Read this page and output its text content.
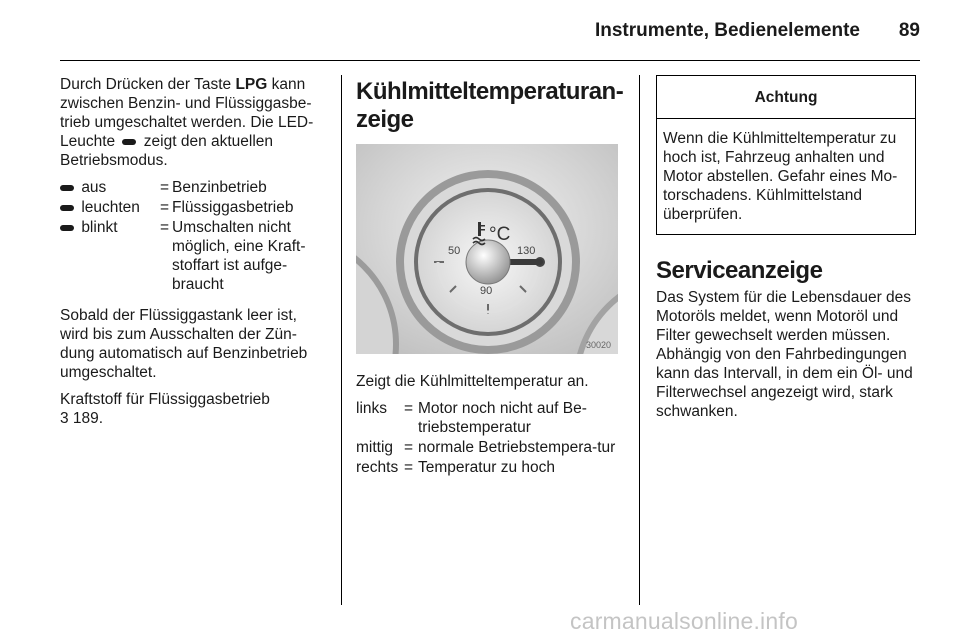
Instrumente, Bedienelemente 89

Durch Drücken der Taste LPG kann zwischen Benzin- und Flüssiggasbe-trieb umgeschaltet werden. Die LED-Leuchte  zeigt den aktuellen Betriebsmodus.

aus	= Benzinbetrieb
leuchten	= Flüssiggasbetrieb
blinkt	= Umschalten nicht möglich, eine Kraft-stoffart ist aufge-braucht

Sobald der Flüssiggastank leer ist, wird bis zum Ausschalten der Zün-dung automatisch auf Benzinbetrieb umgeschaltet.

Kraftstoff für Flüssiggasbetrieb
3 189.

Kühlmitteltemperaturan-zeige
°C
50
90
130
30020

Zeigt die Kühlmitteltemperatur an.

links	= Motor noch nicht auf Be-triebstemperatur
mittig = normale Betriebstempera-tur
rechts = Temperatur zu hoch
Achtung
Wenn die Kühlmitteltemperatur zu hoch ist, Fahrzeug anhalten und Motor abstellen. Gefahr eines Mo-torschadens. Kühlmittelstand überprüfen.
Serviceanzeige

Das System für die Lebensdauer des Motoröls meldet, wenn Motoröl und Filter gewechselt werden müssen. Abhängig von den Fahrbedingungen kann das Intervall, in dem ein Öl- und Filterwechsel angezeigt wird, stark schwanken.

carmanualsonline.info
